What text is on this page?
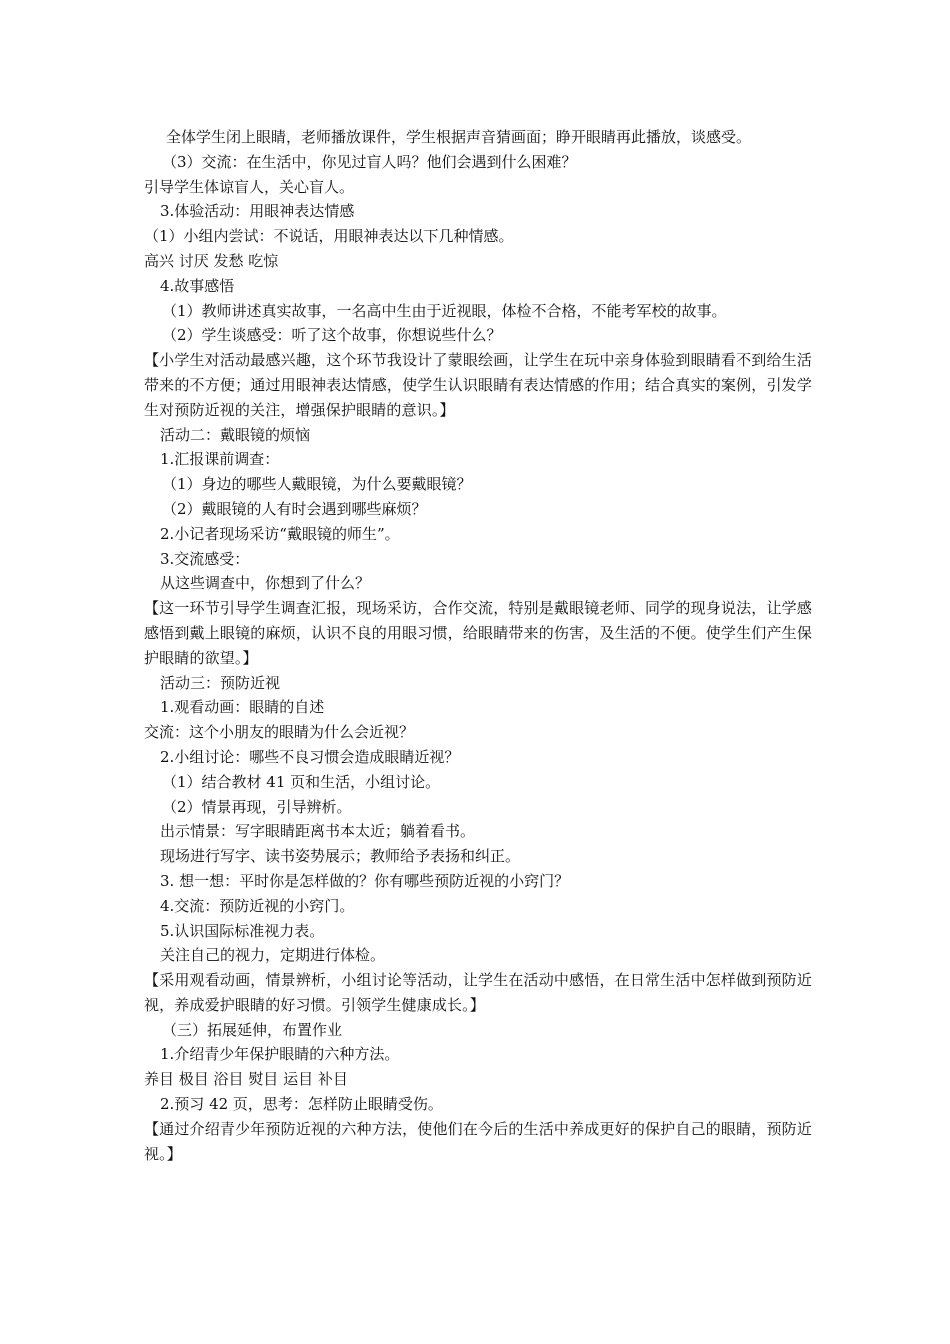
全体学生闭上眼睛，老师播放课件，学生根据声音猜画面；睁开眼睛再此播放，谈感受。
（3）交流：在生活中，你见过盲人吗？他们会遇到什么困难？
引导学生体谅盲人，关心盲人。
3.体验活动：用眼神表达情感
（1）小组内尝试：不说话，用眼神表达以下几种情感。
高兴 讨厌 发愁 吃惊
4.故事感悟
（1）教师讲述真实故事，一名高中生由于近视眼，体检不合格，不能考军校的故事。
（2）学生谈感受：听了这个故事，你想说些什么？
【小学生对活动最感兴趣，这个环节我设计了蒙眼绘画，让学生在玩中亲身体验到眼睛看不到给生活带来的不方便；通过用眼神表达情感，使学生认识眼睛有表达情感的作用；结合真实的案例，引发学生对预防近视的关注，增强保护眼睛的意识。】
活动二：戴眼镜的烦恼
1.汇报课前调查：
（1）身边的哪些人戴眼镜，为什么要戴眼镜？
（2）戴眼镜的人有时会遇到哪些麻烦？
2.小记者现场采访“戴眼镜的师生”。
3.交流感受：
从这些调查中，你想到了什么？
【这一环节引导学生调查汇报，现场采访，合作交流，特别是戴眼镜老师、同学的现身说法，让学感感悟到戴上眼镜的麻烦，认识不良的用眼习惯，给眼睛带来的伤害，及生活的不便。使学生们产生保护眼睛的欲望。】
活动三：预防近视
1.观看动画：眼睛的自述
交流：这个小朋友的眼睛为什么会近视？
2.小组讨论：哪些不良习惯会造成眼睛近视？
（1）结合教材 41 页和生活，小组讨论。
（2）情景再现，引导辨析。
出示情景：写字眼睛距离书本太近；躺着看书。
现场进行写字、读书姿势展示；教师给予表扬和纠正。
3. 想一想：平时你是怎样做的？你有哪些预防近视的小窍门？
4.交流：预防近视的小窍门。
5.认识国际标准视力表。
关注自己的视力，定期进行体检。
【采用观看动画，情景辨析，小组讨论等活动，让学生在活动中感悟，在日常生活中怎样做到预防近视，养成爱护眼睛的好习惯。引领学生健康成长。】
（三）拓展延伸，布置作业
1.介绍青少年保护眼睛的六种方法。
养目 极目 浴目 熨目 运目 补目
2.预习 42 页，思考：怎样防止眼睛受伤。
【通过介绍青少年预防近视的六种方法，使他们在今后的生活中养成更好的保护自己的眼睛，预防近视。】
